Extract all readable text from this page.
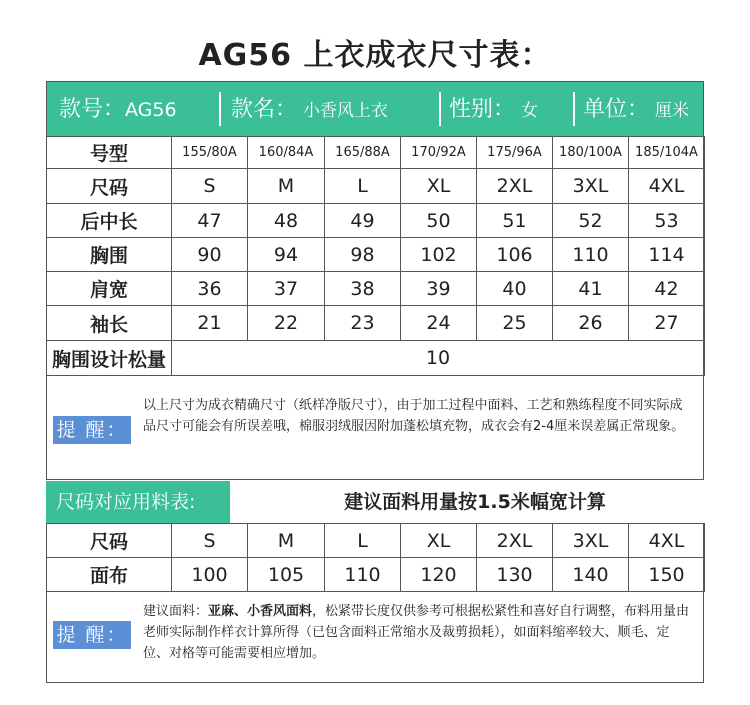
AG56 上衣成衣尺寸表：
款号：AG56 款名： 小香风上衣	性别： 女 单位： 厘米
号型	155/80A	160/84A	165/88A	170/92A	175/96A	180/100A	185/104A
尺码	S	M	L	XL	2XL	3XL	4XL
后中长	47	48	49	50	51	52	53
胸围	90	94	98	102	106	110	114
肩宽	36	37	38	39	40	41	42
袖长	21	22	23	24	25	26	27
胸围设计松量	10						
提 醒：
以上尺寸为成衣精确尺寸（纸样净版尺寸），由于加工过程中面料、工艺和熟练程度不同实际成品尺寸可能会有所误差哦，棉服羽绒服因附加蓬松填充物，成衣会有2-4厘米误差属正常现象。
尺码对应用料表:	建议面料用量按1.5米幅宽计算
尺码	S	M	L	XL	2XL	3XL	4XL
面布	100	105	110	120	130	140	150
提 醒：
建议面料：亚麻、小香风面料，松紧带长度仅供参考可根据松紧性和喜好自行调整，布料用量由老师实际制作样衣计算所得（已包含面料正常缩水及裁剪损耗），如面料缩率较大、顺毛、定位、对格等可能需要相应增加。
